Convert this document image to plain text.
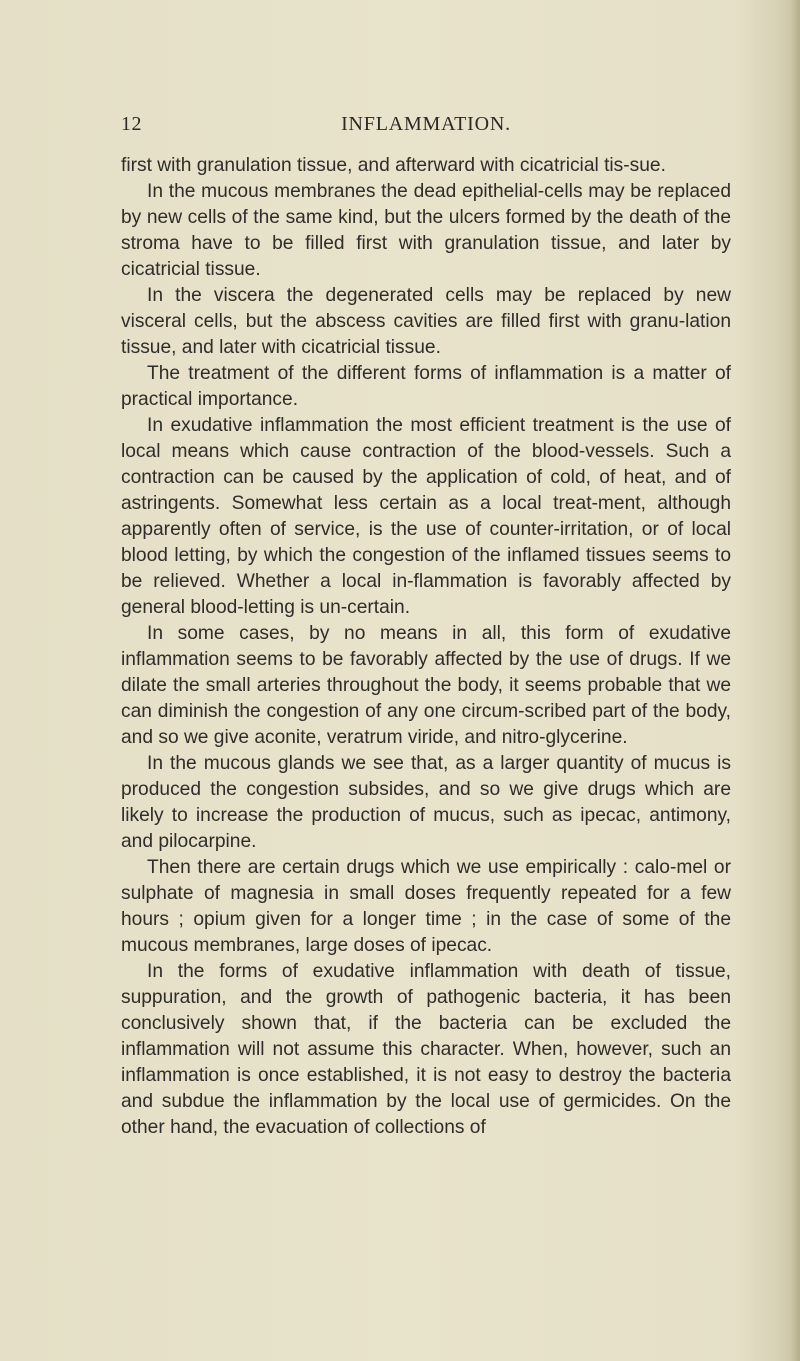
12	INFLAMMATION.

first with granulation tissue, and afterward with cicatricial tis-sue.

In the mucous membranes the dead epithelial-cells may be replaced by new cells of the same kind, but the ulcers formed by the death of the stroma have to be filled first with granulation tissue, and later by cicatricial tissue.

In the viscera the degenerated cells may be replaced by new visceral cells, but the abscess cavities are filled first with granu-lation tissue, and later with cicatricial tissue.

The treatment of the different forms of inflammation is a matter of practical importance.

In exudative inflammation the most efficient treatment is the use of local means which cause contraction of the blood-vessels. Such a contraction can be caused by the application of cold, of heat, and of astringents. Somewhat less certain as a local treat-ment, although apparently often of service, is the use of counter-irritation, or of local blood letting, by which the congestion of the inflamed tissues seems to be relieved. Whether a local in-flammation is favorably affected by general blood-letting is un-certain.

In some cases, by no means in all, this form of exudative inflammation seems to be favorably affected by the use of drugs. If we dilate the small arteries throughout the body, it seems probable that we can diminish the congestion of any one circum-scribed part of the body, and so we give aconite, veratrum viride, and nitro-glycerine.

In the mucous glands we see that, as a larger quantity of mucus is produced the congestion subsides, and so we give drugs which are likely to increase the production of mucus, such as ipecac, antimony, and pilocarpine.

Then there are certain drugs which we use empirically : calo-mel or sulphate of magnesia in small doses frequently repeated for a few hours ; opium given for a longer time ; in the case of some of the mucous membranes, large doses of ipecac.

In the forms of exudative inflammation with death of tissue, suppuration, and the growth of pathogenic bacteria, it has been conclusively shown that, if the bacteria can be excluded the inflammation will not assume this character. When, however, such an inflammation is once established, it is not easy to destroy the bacteria and subdue the inflammation by the local use of germicides. On the other hand, the evacuation of collections of
